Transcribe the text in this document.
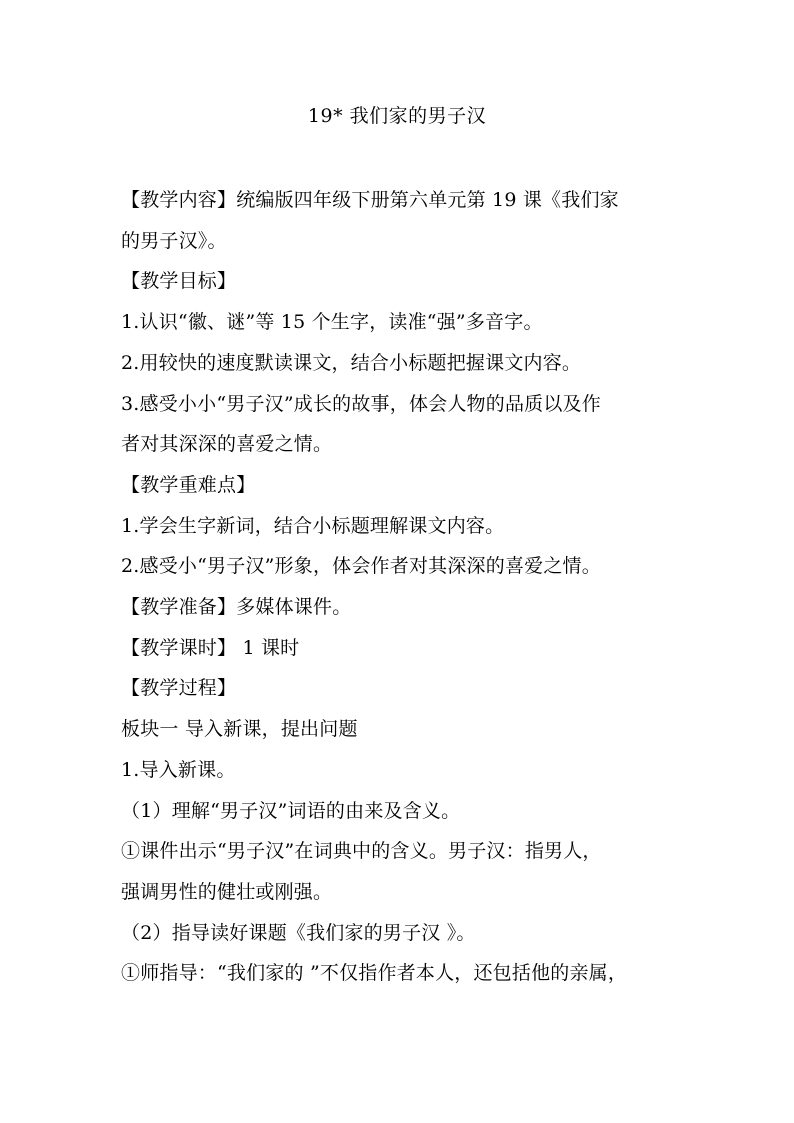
19* 我们家的男子汉
【教学内容】统编版四年级下册第六单元第 19 课《我们家
的男子汉》。
【教学目标】
1.认识“徽、谜”等 15 个生字，读准“强”多音字。
2.用较快的速度默读课文，结合小标题把握课文内容。
3.感受小小“男子汉”成长的故事，体会人物的品质以及作
者对其深深的喜爱之情。
【教学重难点】
1.学会生字新词，结合小标题理解课文内容。
2.感受小“男子汉”形象，体会作者对其深深的喜爱之情。
【教学准备】多媒体课件。
【教学课时】 1 课时
【教学过程】
板块一 导入新课，提出问题
1.导入新课。
（1）理解“男子汉”词语的由来及含义。
①课件出示“男子汉”在词典中的含义。男子汉：指男人，
强调男性的健壮或刚强。
（2）指导读好课题《我们家的男子汉 》。
①师指导：“我们家的 ”不仅指作者本人，还包括他的亲属，
